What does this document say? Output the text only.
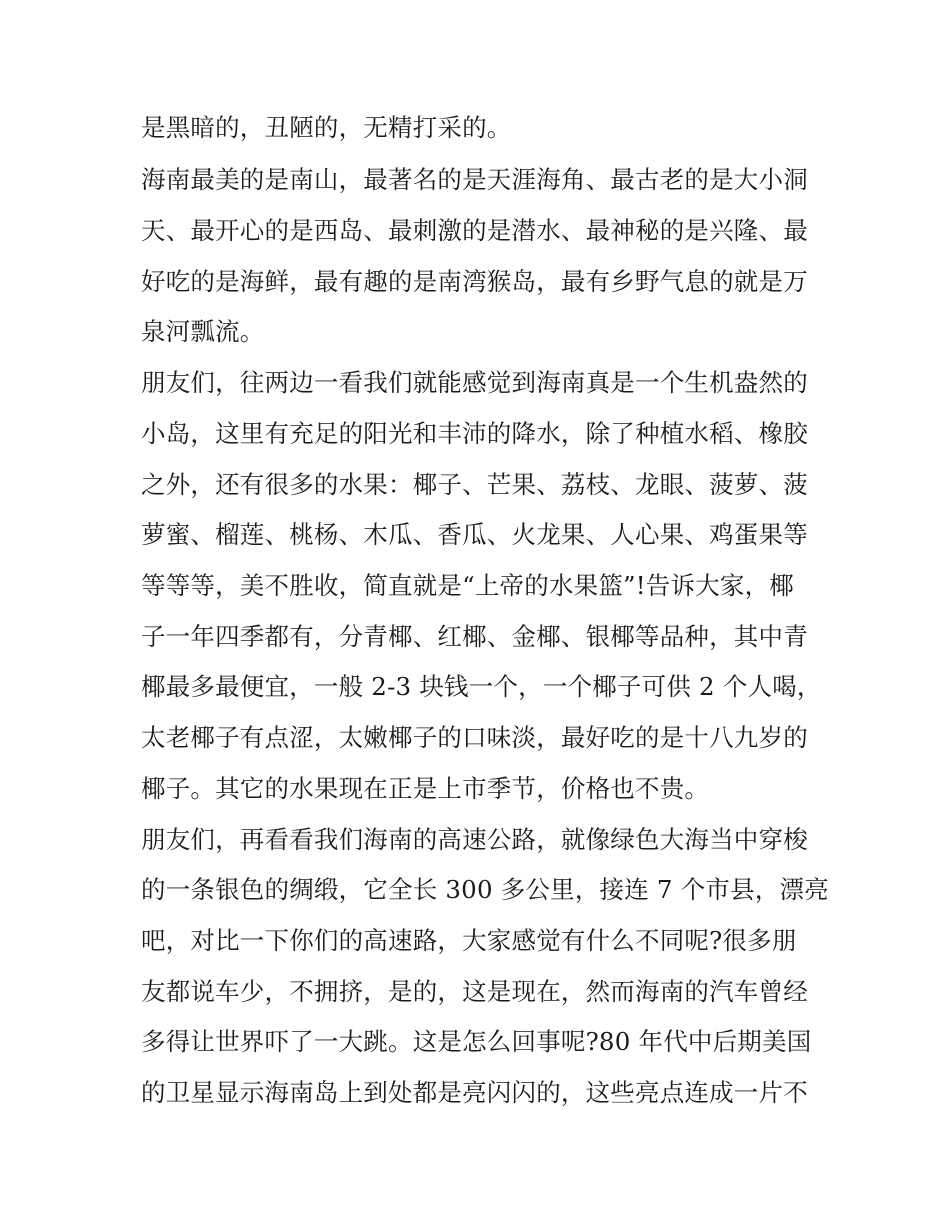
是黑暗的，丑陋的，无精打采的。
海南最美的是南山，最著名的是天涯海角、最古老的是大小洞
天、最开心的是西岛、最刺激的是潜水、最神秘的是兴隆、最
好吃的是海鲜，最有趣的是南湾猴岛，最有乡野气息的就是万
泉河瓢流。
朋友们，往两边一看我们就能感觉到海南真是一个生机盎然的
小岛，这里有充足的阳光和丰沛的降水，除了种植水稻、橡胶
之外，还有很多的水果：椰子、芒果、荔枝、龙眼、菠萝、菠
萝蜜、榴莲、桃杨、木瓜、香瓜、火龙果、人心果、鸡蛋果等
等等等，美不胜收，简直就是“上帝的水果篮”!告诉大家，椰
子一年四季都有，分青椰、红椰、金椰、银椰等品种，其中青
椰最多最便宜，一般 2-3 块钱一个，一个椰子可供 2 个人喝，
太老椰子有点涩，太嫩椰子的口味淡，最好吃的是十八九岁的
椰子。其它的水果现在正是上市季节，价格也不贵。
朋友们，再看看我们海南的高速公路，就像绿色大海当中穿梭
的一条银色的绸缎，它全长 300 多公里，接连 7 个市县，漂亮
吧，对比一下你们的高速路，大家感觉有什么不同呢?很多朋
友都说车少，不拥挤，是的，这是现在，然而海南的汽车曾经
多得让世界吓了一大跳。这是怎么回事呢?80 年代中后期美国
的卫星显示海南岛上到处都是亮闪闪的，这些亮点连成一片不
